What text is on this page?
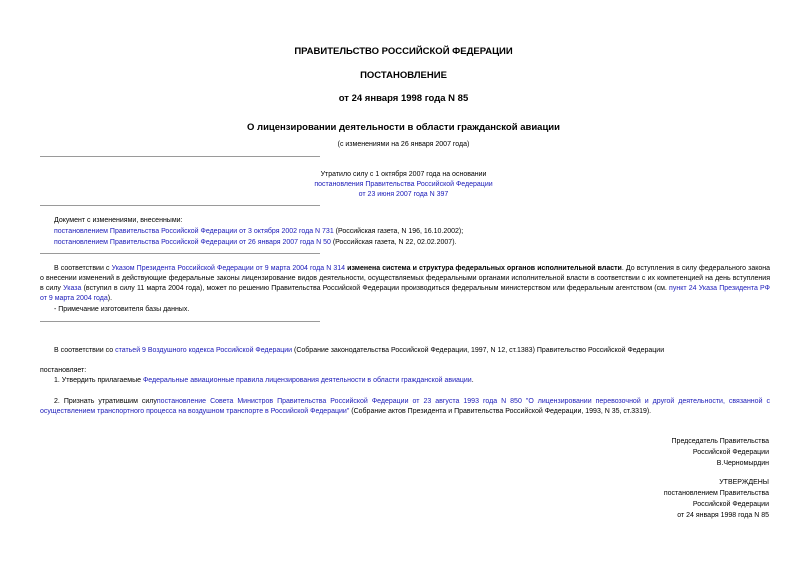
ПРАВИТЕЛЬСТВО РОССИЙСКОЙ ФЕДЕРАЦИИ
ПОСТАНОВЛЕНИЕ
от 24 января 1998 года N 85
О лицензировании деятельности в области гражданской авиации
(с изменениями на 26 января 2007 года)
Утратило силу с 1 октября 2007 года на основании
постановления Правительства Российской Федерации
от 23 июня 2007 года N 397
Документ с изменениями, внесенными:
постановлением Правительства Российской Федерации от 3 октября 2002 года N 731 (Российская газета, N 196, 16.10.2002);
постановлением Правительства Российской Федерации от 26 января 2007 года N 50 (Российская газета, N 22, 02.02.2007).
В соответствии с Указом Президента Российской Федерации от 9 марта 2004 года N 314 изменена система и структура федеральных органов исполнительной власти. До вступления в силу федерального закона о внесении изменений в действующие федеральные законы лицензирование видов деятельности, осуществляемых федеральными органами исполнительной власти в соответствии с их компетенцией на день вступления в силу Указа (вступил в силу 11 марта 2004 года), может по решению Правительства Российской Федерации производиться федеральным министерством или федеральным агентством (см. пункт 24 Указа Президента РФ от 9 марта 2004 года).
- Примечание изготовителя базы данных.
В соответствии со статьей 9 Воздушного кодекса Российской Федерации (Собрание законодательства Российской Федерации, 1997, N 12, ст.1383) Правительство Российской Федерации
постановляет:
1. Утвердить прилагаемые Федеральные авиационные правила лицензирования деятельности в области гражданской авиации.
2. Признать утратившим силупостановление Совета Министров Правительства Российской Федерации от 23 августа 1993 года N 850 "О лицензировании перевозочной и другой деятельности, связанной с осуществлением транспортного процесса на воздушном транспорте в Российской Федерации" (Собрание актов Президента и Правительства Российской Федерации, 1993, N 35, ст.3319).
Председатель Правительства
Российской Федерации
В.Черномырдин
УТВЕРЖДЕНЫ
постановлением Правительства
Российской Федерации
от 24 января 1998 года N 85
